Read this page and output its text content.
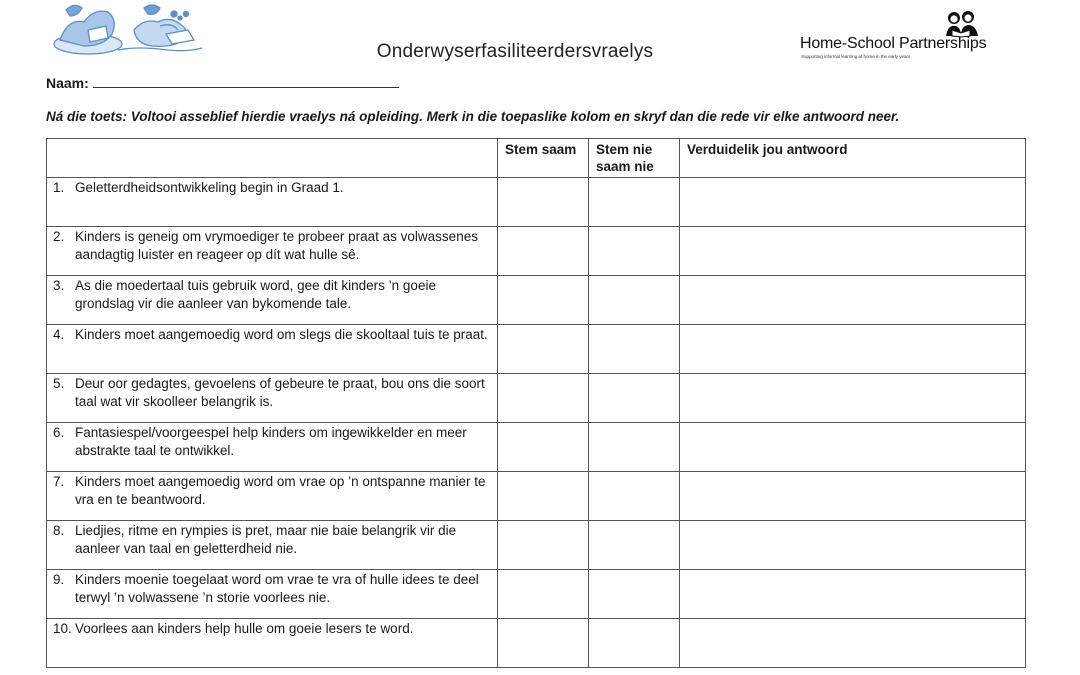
Onderwyserfasiliteerdersvraelys	Home-School Partnerships
Supporting informal learning at home in the early years
Naam:
Ná die toets: Voltooi asseblief hierdie vraelys ná opleiding. Merk in die toepaslike kolom en skryf dan die rede vir elke antwoord neer.
	Stem saam	Stem nie saam nie	Verduidelik jou antwoord

1. Geletterdheidsontwikkeling begin in Graad 1.			

2. Kinders is geneig om vrymoediger te probeer praat as volwassenes aandagtig luister en reageer op dít wat hulle sê.			

3. As die moedertaal tuis gebruik word, gee dit kinders ’n goeie grondslag vir die aanleer van bykomende tale.			

4. Kinders moet aangemoedig word om slegs die skooltaal tuis te praat.			

5. Deur oor gedagtes, gevoelens of gebeure te praat, bou ons die soort taal wat vir skoolleer belangrik is.			

6. Fantasiespel/voorgeespel help kinders om ingewikkelder en meer abstrakte taal te ontwikkel.			

7. Kinders moet aangemoedig word om vrae op ’n ontspanne manier te vra en te beantwoord.			

8. Liedjies, ritme en rympies is pret, maar nie baie belangrik vir die aanleer van taal en geletterdheid nie.			

9. Kinders moenie toegelaat word om vrae te vra of hulle idees te deel terwyl ’n volwassene ’n storie voorlees nie.			

10. Voorlees aan kinders help hulle om goeie lesers te word.			
